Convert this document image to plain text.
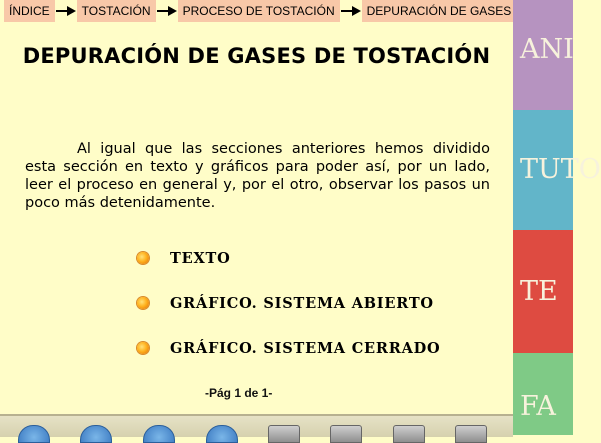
ÍNDICE	TOSTACIÓN	PROCESO DE TOSTACIÓN	DEPURACIÓN DE GASES
DEPURACIÓN DE GASES DE TOSTACIÓN

Al igual que las secciones anteriores hemos dividido esta sección en texto y gráficos para poder así, por un lado, leer el proceso en general y, por el otro, observar los pasos un poco más detenidamente.

TEXTO
GRÁFICO. SISTEMA ABIERTO
GRÁFICO. SISTEMA CERRADO
-Pág 1 de 1-
ANI
TUTO
TE
FA
